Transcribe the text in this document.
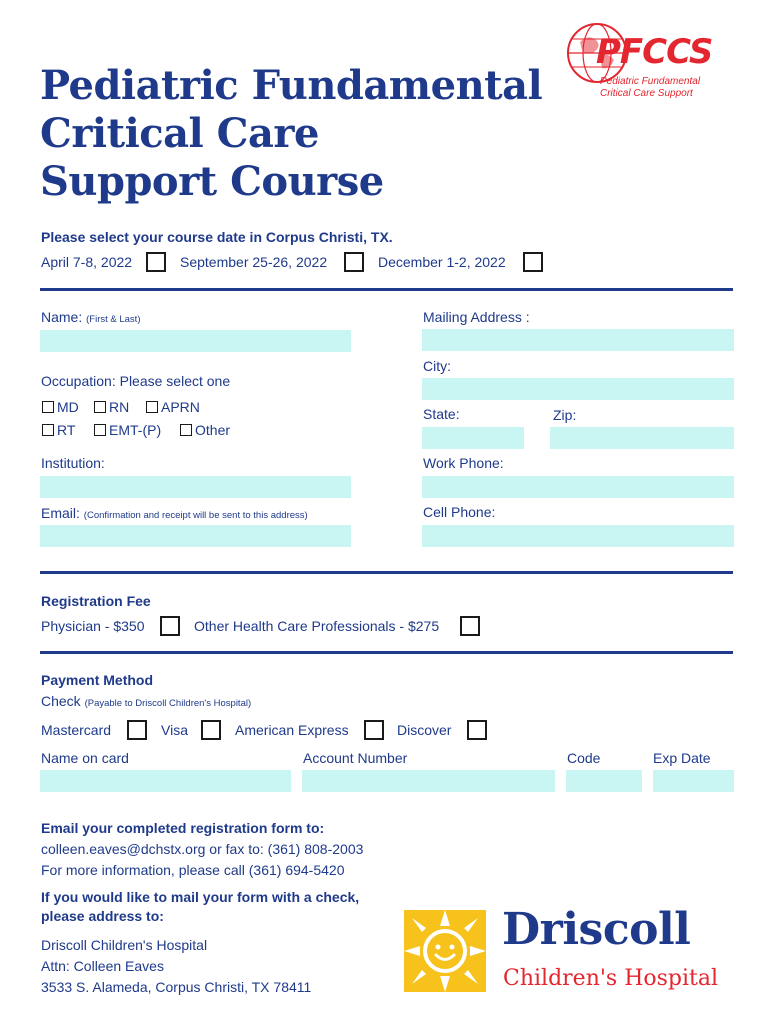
PFCCS
Pediatric Fundamental
Critical Care Support
Pediatric Fundamental
Critical Care
Support Course
Please select your course date in Corpus Christi, TX.
April 7-8, 2022	September 25-26, 2022	December 1-2, 2022
Name: (First & Last)
Occupation: Please select one
MD	RN	APRN
RT	EMT-(P)	Other
Institution:
Email: (Confirmation and receipt will be sent to this address)
Mailing Address :
City:
State:	Zip:
Work Phone:
Cell Phone:
Registration Fee
Physician - $350	Other Health Care Professionals - $275
Payment Method
Check (Payable to Driscoll Children's Hospital)
Mastercard	Visa	American Express	Discover
Name on card	Account Number	Code	Exp Date
Email your completed registration form to:
colleen.eaves@dchstx.org or fax to: (361) 808-2003
For more information, please call (361) 694-5420
If you would like to mail your form with a check,
please address to:
Driscoll Children's Hospital
Attn: Colleen Eaves
3533 S. Alameda, Corpus Christi, TX 78411
Driscoll
Children's Hospital
